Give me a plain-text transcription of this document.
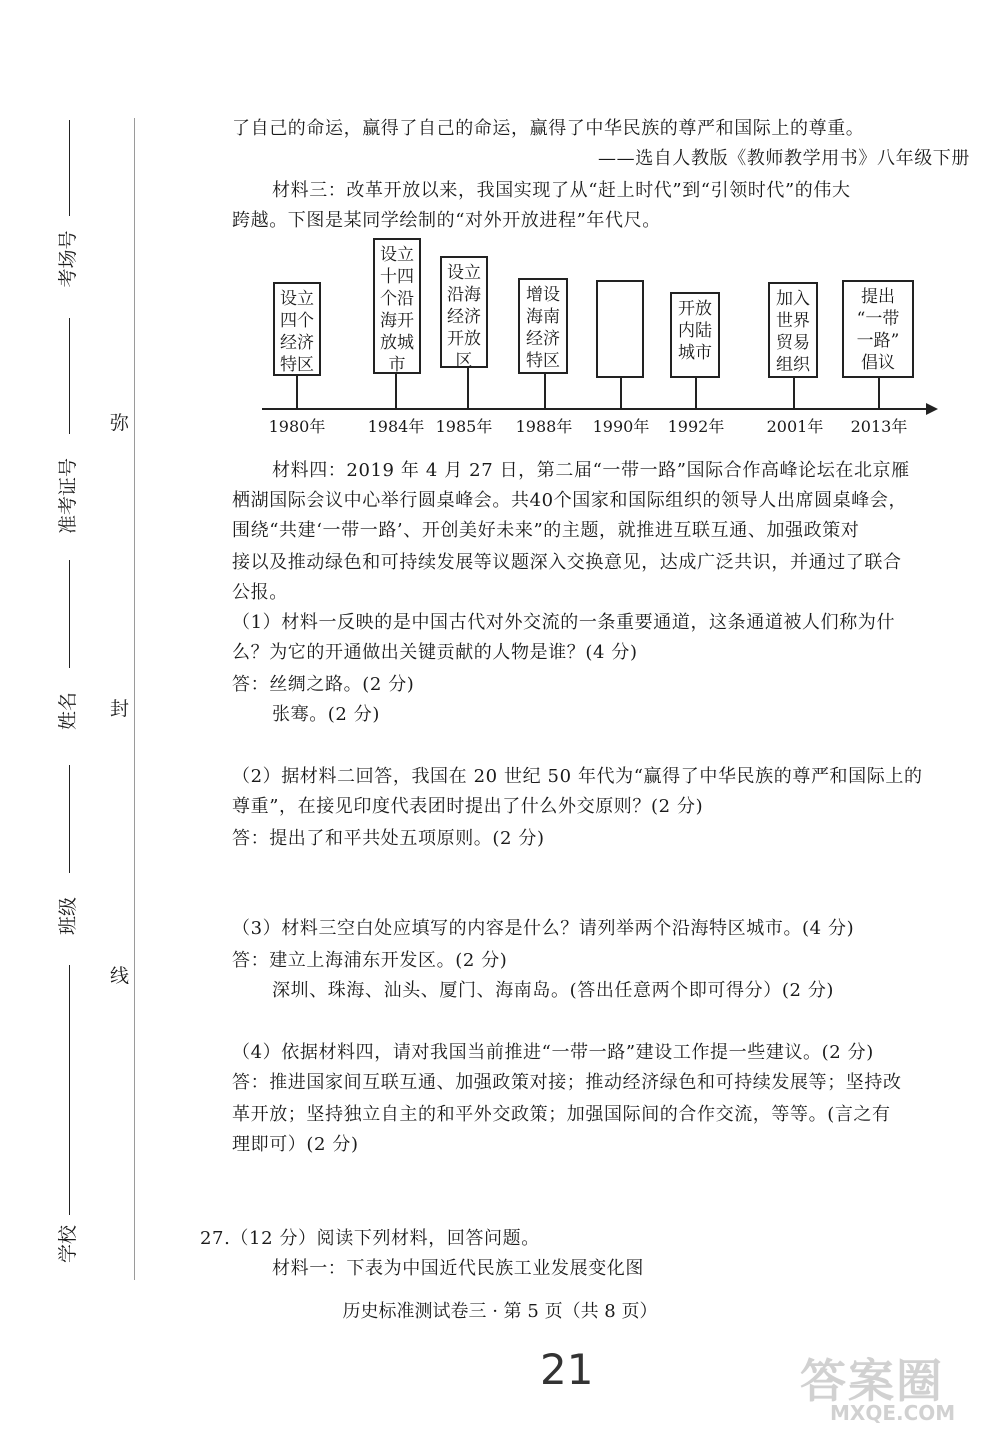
考场号
准考证号
姓名
班级
学校
弥
封
线
了自己的命运，赢得了自己的命运，赢得了中华民族的尊严和国际上的尊重。
——选自人教版《教师教学用书》八年级下册
材料三：改革开放以来，我国实现了从“赶上时代”到“引领时代”的伟大
跨越。下图是某同学绘制的“对外开放进程”年代尺。
设立
四个
经济
特区
设立
十四
个沿
海开
放城
市
设立
沿海
经济
开放
区
增设
海南
经济
特区
开放
内陆
城市
加入
世界
贸易
组织
提出
“一带
一路”
倡议
1980年	1984年 1985年	1988年	1990年	1992年	2001年	2013年
材料四：2019 年 4 月 27 日，第二届“一带一路”国际合作高峰论坛在北京雁
栖湖国际会议中心举行圆桌峰会。共40个国家和国际组织的领导人出席圆桌峰会，
围绕“共建‘一带一路’、开创美好未来”的主题，就推进互联互通、加强政策对
接以及推动绿色和可持续发展等议题深入交换意见，达成广泛共识，并通过了联合
公报。
（1）材料一反映的是中国古代对外交流的一条重要通道，这条通道被人们称为什
么？为它的开通做出关键贡献的人物是谁？(4 分)
答：丝绸之路。(2 分)
张骞。(2 分)
（2）据材料二回答，我国在 20 世纪 50 年代为“赢得了中华民族的尊严和国际上的
尊重”，在接见印度代表团时提出了什么外交原则？(2 分)
答：提出了和平共处五项原则。(2 分)
（3）材料三空白处应填写的内容是什么？请列举两个沿海特区城市。(4 分)
答：建立上海浦东开发区。(2 分)
深圳、珠海、汕头、厦门、海南岛。(答出任意两个即可得分）(2 分)
（4）依据材料四，请对我国当前推进“一带一路”建设工作提一些建议。(2 分)
答：推进国家间互联互通、加强政策对接；推动经济绿色和可持续发展等；坚持改
革开放；坚持独立自主的和平外交政策；加强国际间的合作交流，等等。(言之有
理即可）(2 分)
27.（12 分）阅读下列材料，回答问题。
材料一：下表为中国近代民族工业发展变化图
历史标准测试卷三 · 第 5 页（共 8 页）
21	答案圈
MXQE.COM
